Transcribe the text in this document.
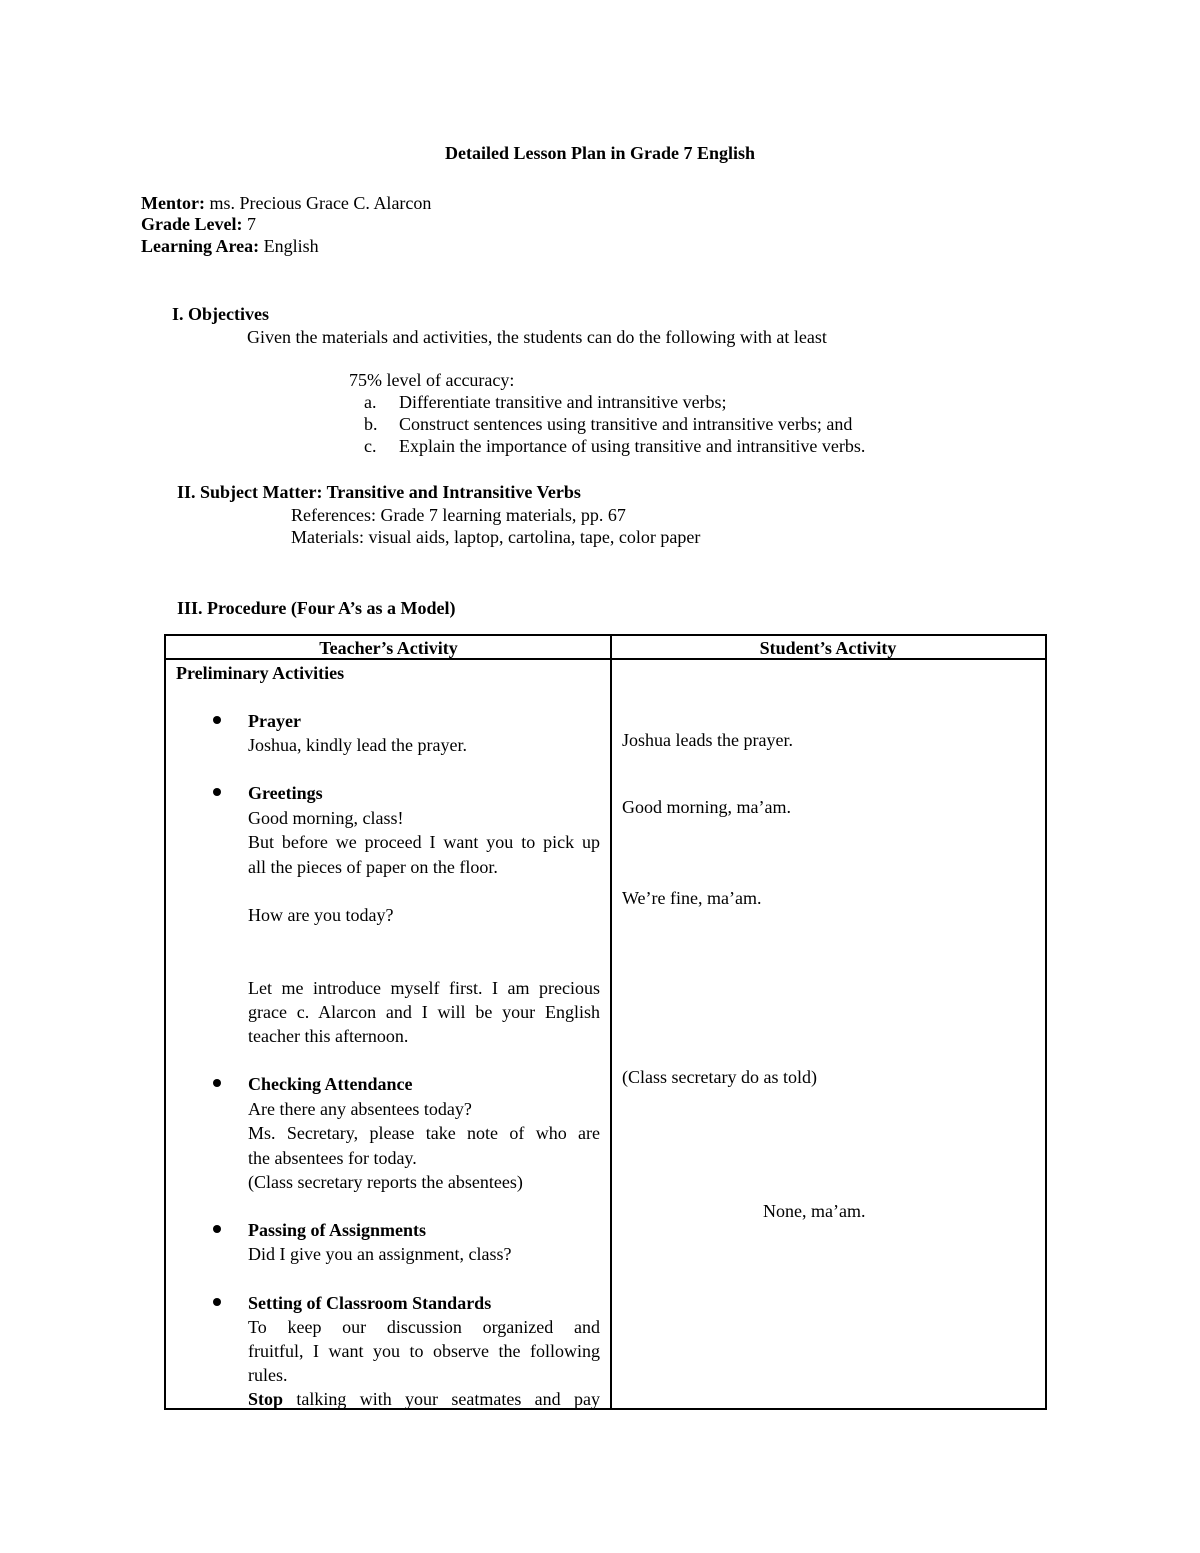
Detailed Lesson Plan in Grade 7 English
Mentor: ms. Precious Grace C. Alarcon
Grade Level: 7
Learning Area: English
I. Objectives
Given the materials and activities, the students can do the following with at least
75% level of accuracy:
a. Differentiate transitive and intransitive verbs;
b. Construct sentences using transitive and intransitive verbs; and
c. Explain the importance of using transitive and intransitive verbs.
II. Subject Matter: Transitive and Intransitive Verbs
References: Grade 7 learning materials, pp. 67
Materials: visual aids, laptop, cartolina, tape, color paper
III. Procedure (Four A’s as a Model)
Teacher’s Activity	Student’s Activity
Preliminary Activities
Prayer
Joshua, kindly lead the prayer.
Greetings
Good morning, class!
But before we proceed I want you to pick up
all the pieces of paper on the floor.
How are you today?
Let me introduce myself first. I am precious
grace c. Alarcon and I will be your English
teacher this afternoon.
Checking Attendance
Are there any absentees today?
Ms. Secretary, please take note of who are
the absentees for today.
(Class secretary reports the absentees)
Passing of Assignments
Did I give you an assignment, class?
Setting of Classroom Standards
To keep our discussion organized and
fruitful, I want you to observe the following
rules.
Stop talking with your seatmates and pay
Joshua leads the prayer.
Good morning, ma’am.
We’re fine, ma’am.
(Class secretary do as told)
None, ma’am.
